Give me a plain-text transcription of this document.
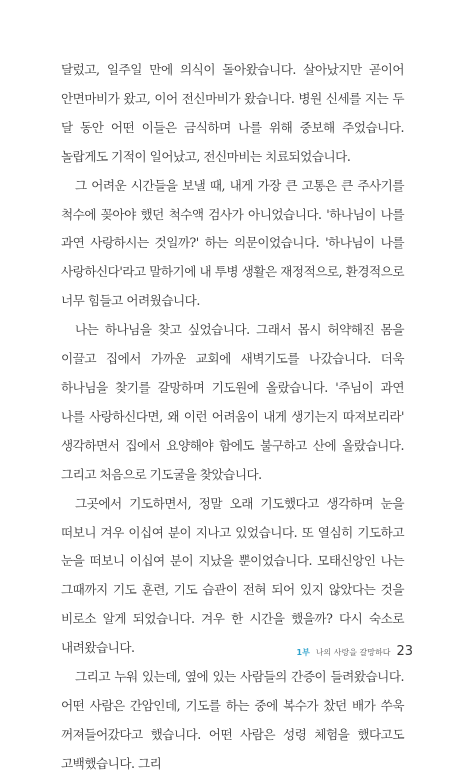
달렀고, 일주일 만에 의식이 돌아왔습니다. 살아났지만 곧이어 안면마비가 왔고, 이어 전신마비가 왔습니다. 병원 신세를 지는 두 달 동안 어떤 이들은 금식하며 나를 위해 중보해 주었습니다. 놀랍게도 기적이 일어났고, 전신마비는 치료되었습니다.

그 어려운 시간들을 보낼 때, 내게 가장 큰 고통은 큰 주사기를 척수에 꽂아야 했던 척수액 검사가 아니었습니다. '하나님이 나를 과연 사랑하시는 것일까?' 하는 의문이었습니다. '하나님이 나를 사랑하신다'라고 말하기에 내 투병 생활은 재정적으로, 환경적으로 너무 힘들고 어려웠습니다.

나는 하나님을 찾고 싶었습니다. 그래서 몹시 허약해진 몸을 이끌고 집에서 가까운 교회에 새벽기도를 나갔습니다. 더욱 하나님을 찾기를 갈망하며 기도원에 올랐습니다. '주님이 과연 나를 사랑하신다면, 왜 이런 어려움이 내게 생기는지 따져보리라' 생각하면서 집에서 요양해야 함에도 불구하고 산에 올랐습니다. 그리고 처음으로 기도굴을 찾았습니다.

그곳에서 기도하면서, 정말 오래 기도했다고 생각하며 눈을 떠보니 겨우 이십여 분이 지나고 있었습니다. 또 열심히 기도하고 눈을 떠보니 이십여 분이 지났을 뿐이었습니다. 모태신앙인 나는 그때까지 기도 훈련, 기도 습관이 전혀 되어 있지 않았다는 것을 비로소 알게 되었습니다. 겨우 한 시간을 했을까? 다시 숙소로 내려왔습니다.

그리고 누워 있는데, 옆에 있는 사람들의 간증이 들려왔습니다. 어떤 사람은 간암인데, 기도를 하는 중에 복수가 찼던 배가 쑤욱 꺼져들어갔다고 했습니다. 어떤 사람은 성령 체험을 했다고도 고백했습니다. 그리

1부 나의 사랑을 갈망하다 23
